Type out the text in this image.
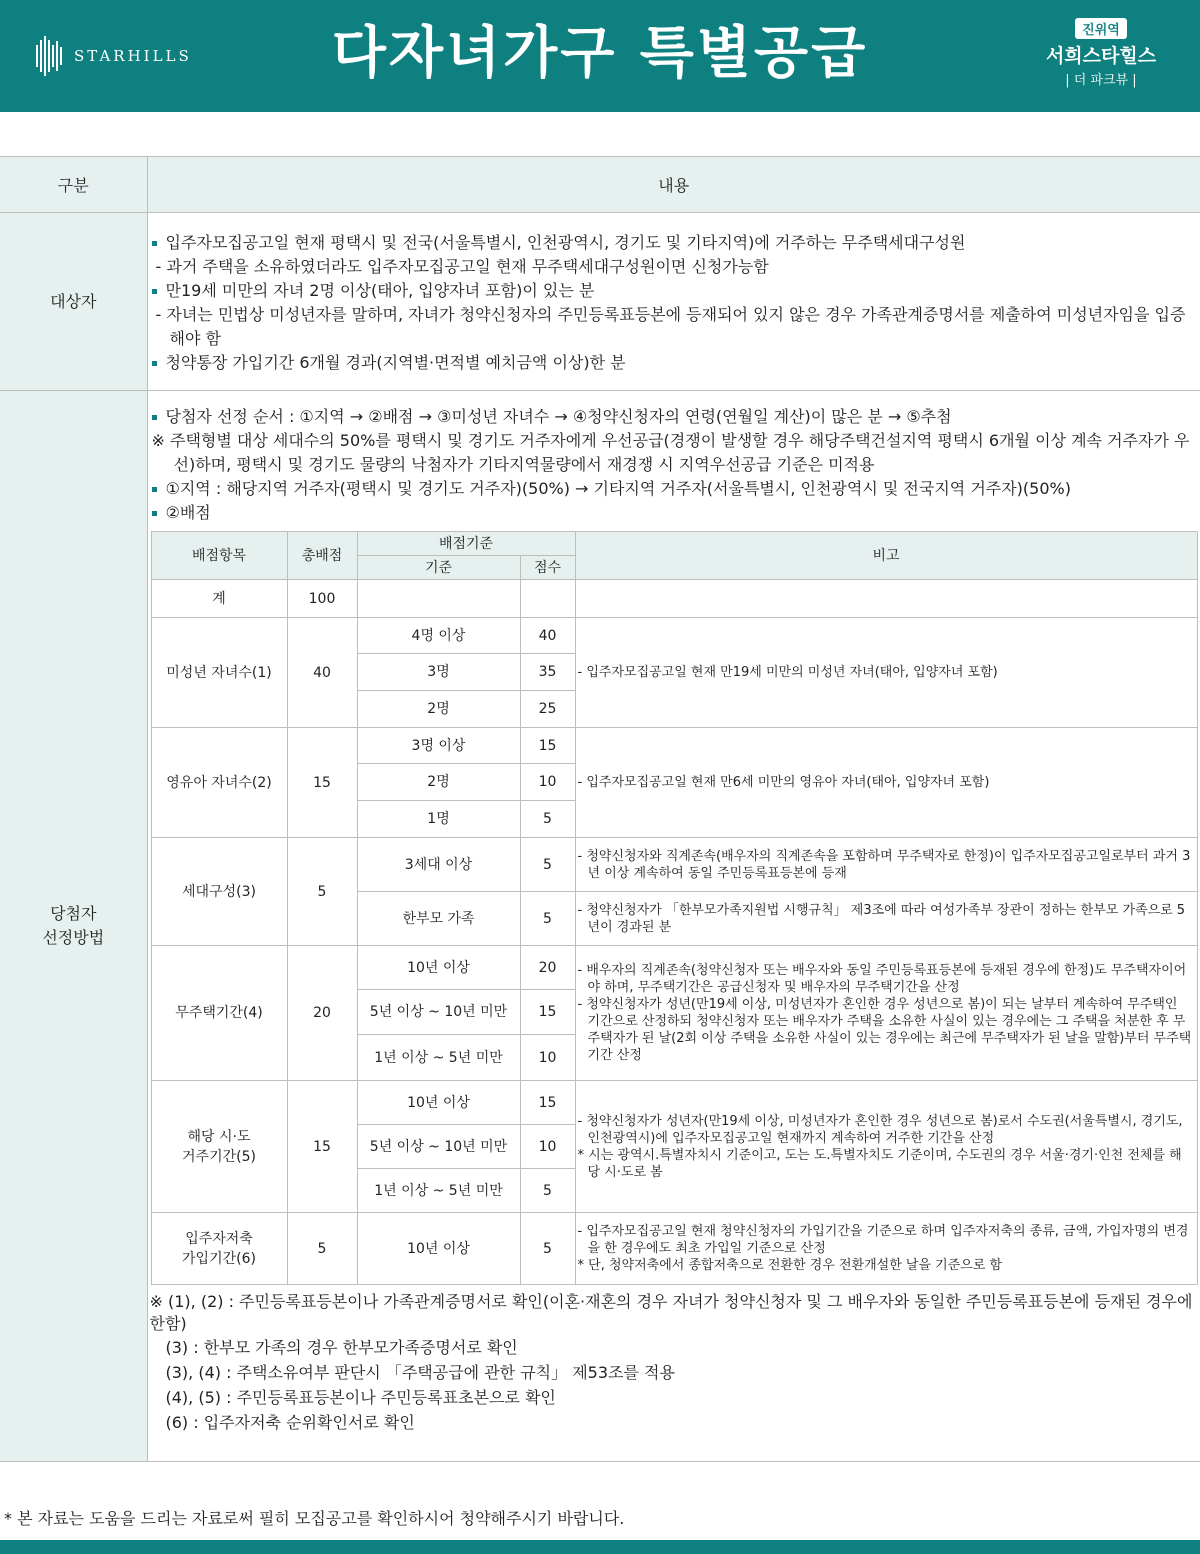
STARHILLS	다자녀가구 특별공급	진위역
서희스타힐스
| 더 파크뷰 |
구분	내용
대상자	
입주자모집공고일 현재 평택시 및 전국(서울특별시, 인천광역시, 경기도 및 기타지역)에 거주하는 무주택세대구성원
- 과거 주택을 소유하였더라도 입주자모집공고일 현재 무주택세대구성원이면 신청가능함
만19세 미만의 자녀 2명 이상(태아, 입양자녀 포함)이 있는 분
- 자녀는 민법상 미성년자를 말하며, 자녀가 청약신청자의 주민등록표등본에 등재되어 있지 않은 경우 가족관계증명서를 제출하여 미성년자임을 입증해야 함
청약통장 가입기간 6개월 경과(지역별·면적별 예치금액 이상)한 분

당첨자
선정방법

당첨자 선정 순서 : ①지역 → ②배점 → ③미성년 자녀수 → ④청약신청자의 연령(연월일 계산)이 많은 분 → ⑤추첨
※ 주택형별 대상 세대수의 50%를 평택시 및 경기도 거주자에게 우선공급(경쟁이 발생할 경우 해당주택건설지역 평택시 6개월 이상 계속 거주자가 우선)하며, 평택시 및 경기도 물량의 낙첨자가 기타지역물량에서 재경쟁 시 지역우선공급 기준은 미적용
①지역 : 해당지역 거주자(평택시 및 경기도 거주자)(50%) → 기타지역 거주자(서울특별시, 인천광역시 및 전국지역 거주자)(50%)
②배점
배점항목	총배점	배점기준	비고
기준	점수
계	100			
미성년 자녀수(1)	40	4명 이상	40	
- 입주자모집공고일 현재 만19세 미만의 미성년 자녀(태아, 입양자녀 포함)

3명	35
2명	25
영유아 자녀수(2)	15	3명 이상	15	
- 입주자모집공고일 현재 만6세 미만의 영유아 자녀(태아, 입양자녀 포함)

2명	10
1명	5
세대구성(3)	5	3세대 이상	5	
- 청약신청자와 직계존속(배우자의 직계존속을 포함하며 무주택자로 한정)이 입주자모집공고일로부터 과거 3년 이상 계속하여 동일 주민등록표등본에 등재

한부모 가족	5	
- 청약신청자가 「한부모가족지원법 시행규칙」 제3조에 따라 여성가족부 장관이 정하는 한부모 가족으로 5년이 경과된 분

무주택기간(4)	20	10년 이상	20	- 배우자의 직계존속(청약신청자 또는 배우자와 동일 주민등록표등본에 등재된 경우에 한정)도 무주택자이어야 하며, 무주택기간은 공급신청자 및 배우자의 무주택기간을 산정
- 청약신청자가 성년(만19세 이상, 미성년자가 혼인한 경우 성년으로 봄)이 되는 날부터 계속하여 무주택인 기간으로 산정하되 청약신청자 또는 배우자가 주택을 소유한 사실이 있는 경우에는 그 주택을 처분한 후 무주택자가 된 날(2회 이상 주택을 소유한 사실이 있는 경우에는 최근에 무주택자가 된 날을 말함)부터 무주택 기간 산정

5년 이상 ~ 10년 미만	15
1년 이상 ~ 5년 미만	10

해당 시·도
거주기간(5)
	15	10년 이상	15	
- 청약신청자가 성년자(만19세 이상, 미성년자가 혼인한 경우 성년으로 봄)로서 수도권(서울특별시, 경기도, 인천광역시)에 입주자모집공고일 현재까지 계속하여 거주한 기간을 산정
* 시는 광역시.특별자치시 기준이고, 도는 도.특별자치도 기준이며, 수도권의 경우 서울·경기·인천 전체를 해당 시·도로 봄

5년 이상 ~ 10년 미만	10
1년 이상 ~ 5년 미만	5

입주자저축
가입기간(6)
	5	10년 이상	5	
- 입주자모집공고일 현재 청약신청자의 가입기간을 기준으로 하며 입주자저축의 종류, 금액, 가입자명의 변경을 한 경우에도 최초 가입일 기준으로 산정
* 단, 청약저축에서 종합저축으로 전환한 경우 전환개설한 날을 기준으로 함
※ (1), (2) : 주민등록표등본이나 가족관계증명서로 확인(이혼·재혼의 경우 자녀가 청약신청자 및 그 배우자와 동일한 주민등록표등본에 등재된 경우에 한함)
(3) : 한부모 가족의 경우 한부모가족증명서로 확인
(3), (4) : 주택소유여부 판단시 「주택공급에 관한 규칙」 제53조를 적용
(4), (5) : 주민등록표등본이나 주민등록표초본으로 확인
(6) : 입주자저축 순위확인서로 확인
* 본 자료는 도움을 드리는 자료로써 필히 모집공고를 확인하시어 청약해주시기 바랍니다.
